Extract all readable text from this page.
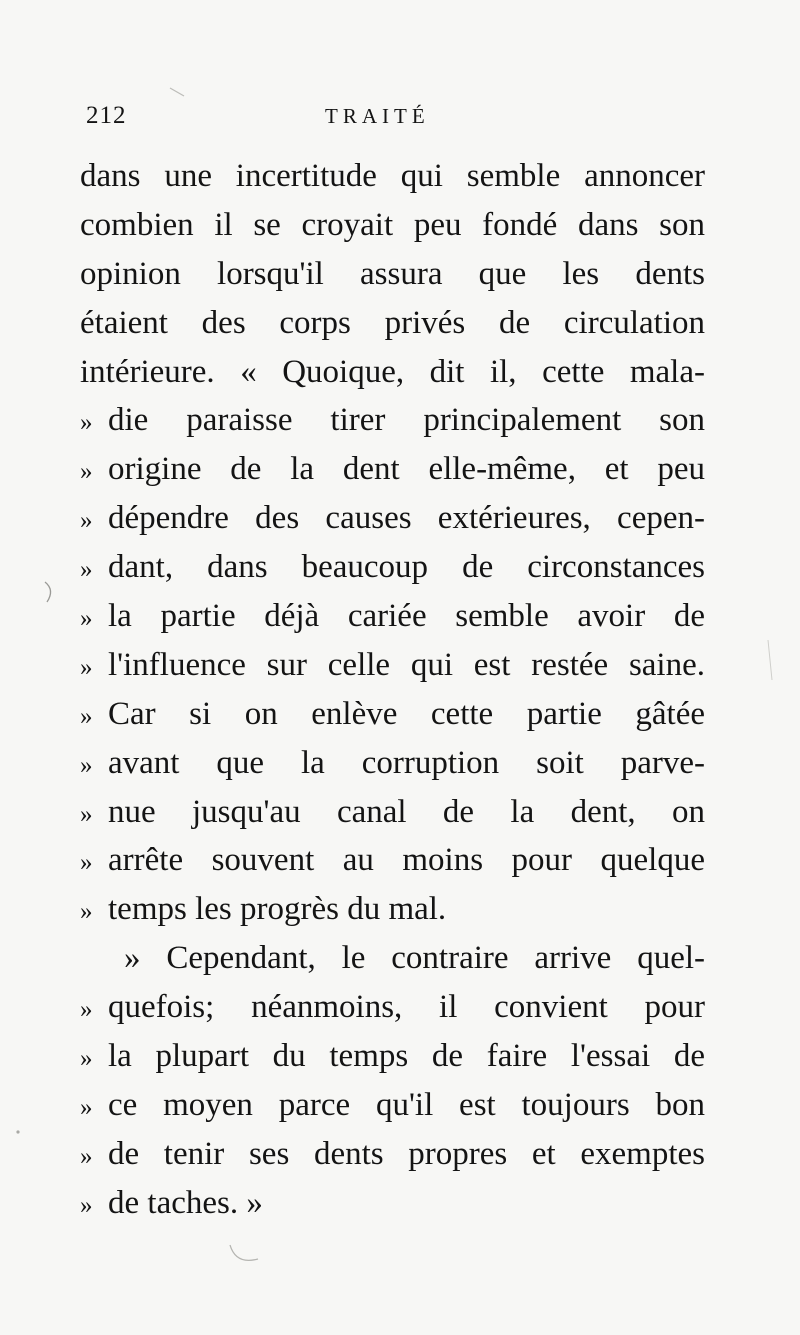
212	TRAITÉ
dans une incertitude qui semble annoncer
combien il se croyait peu fondé dans son
opinion lorsqu'il assura que les dents
étaient des corps privés de circulation
intérieure. « Quoique, dit il, cette mala-
» die paraisse tirer principalement son
» origine de la dent elle-même, et peu
» dépendre des causes extérieures, cepen-
» dant, dans beaucoup de circonstances
» la partie déjà cariée semble avoir de
» l'influence sur celle qui est restée saine.
» Car si on enlève cette partie gâtée
» avant que la corruption soit parve-
» nue jusqu'au canal de la dent, on
» arrête souvent au moins pour quelque
» temps les progrès du mal.
» Cependant, le contraire arrive quel-
» quefois; néanmoins, il convient pour
» la plupart du temps de faire l'essai de
» ce moyen parce qu'il est toujours bon
» de tenir ses dents propres et exemptes
» de taches. »
